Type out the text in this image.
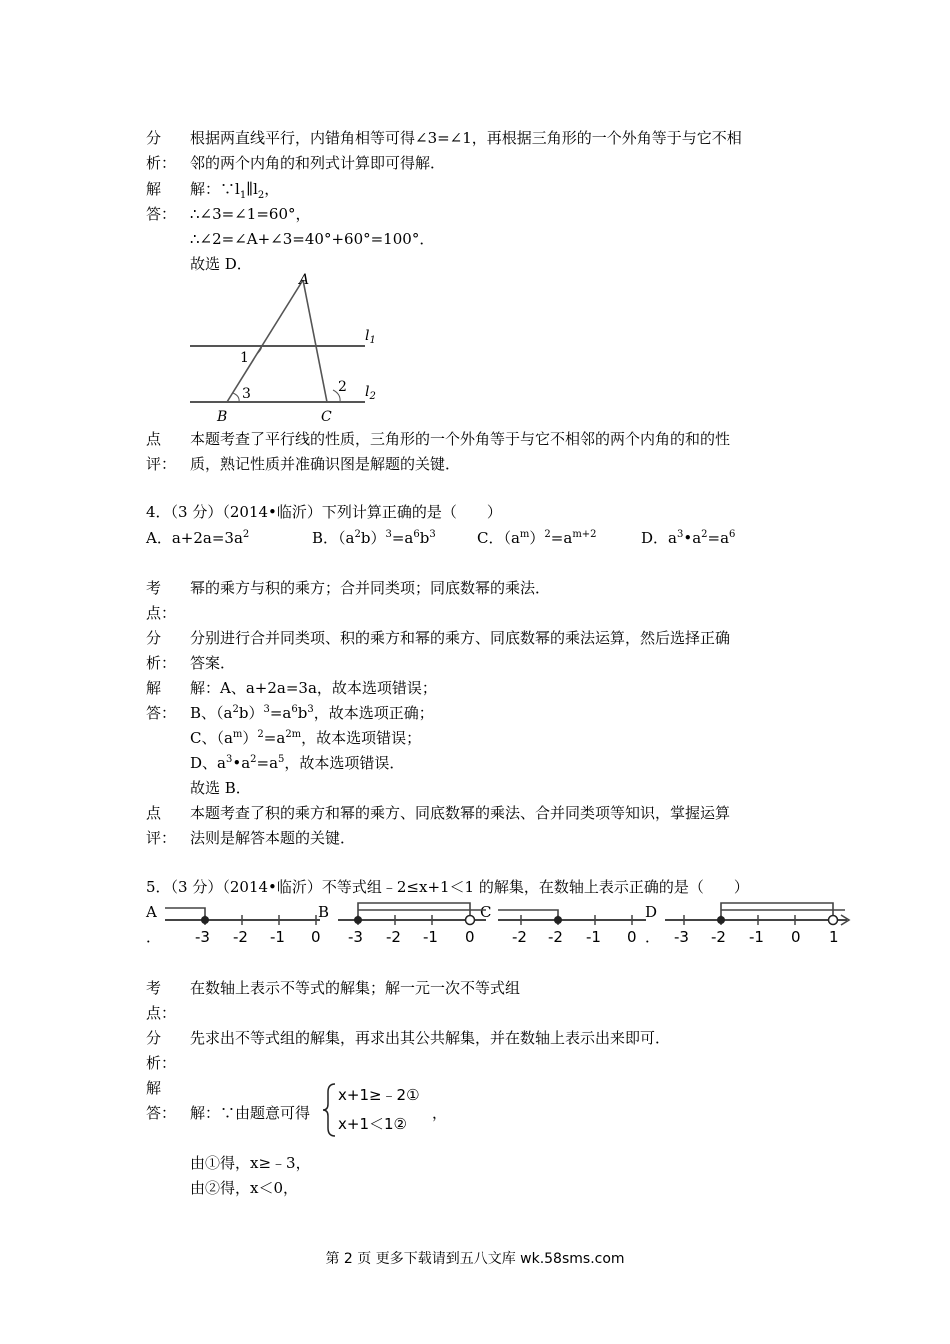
分 根据两直线平行，内错角相等可得∠3=∠1，再根据三角形的一个外角等于与它不相
析： 邻的两个内角的和列式计算即可得解．
解 解：$\because l_1\parallel l_2$，
答： ∴∠3=∠1=60°，
∴∠2=∠A+∠3=40°+60°=100°．
故选 D．
A
B	C
1
2
3
$l_1$
$l_2$
点 本题考查了平行线的性质，三角形的一个外角等于与它不相邻的两个内角的和的性
评： 质，熟记性质并准确识图是解题的关键．
4．（3 分）（2014•临沂）下列计算正确的是（　　）
A．$a+2a=3a^2$	B．$(a^2b)^3=a^6b^3$	C．$(a^m)^2=a^{m+2}$	D．$a^3•a^2=a^6$
考 幂的乘方与积的乘方；合并同类项；同底数幂的乘法．
点：
分 分别进行合并同类项、积的乘方和幂的乘方、同底数幂的乘法运算，然后选择正确
析： 答案．
解 解：A、a+2a=3a，故本选项错误；
答： B、$(a^2b)^3=a^6b^3$，故本选项正确；
C、$(a^m)^2=a^{2m}$，故本选项错误；
D、$a^3•a^2=a^5$，故本选项错误．
故选 B．
点 本题考查了积的乘方和幂的乘方、同底数幂的乘法、合并同类项等知识，掌握运算
评： 法则是解答本题的关键．
5．（3 分）（2014•临沂）不等式组﹣2≤x+1＜1 的解集，在数轴上表示正确的是（　　）
A
．
B	C	D
．
-3 -2 -1 0 -3 -2 -1 0 -2 -2 -1 0 -3 -2 -1 0 1
考 在数轴上表示不等式的解集；解一元一次不等式组
点：
分 先求出不等式组的解集，再求出其公共解集，并在数轴上表示出来即可．
析：
解
答： 解：∵由题意可得
x+1≥﹣2①
x+1＜1②
，
由①得，x≥﹣3，
由②得，x＜0，
第 2 页 更多下载请到五八文库 wk.58sms.com
